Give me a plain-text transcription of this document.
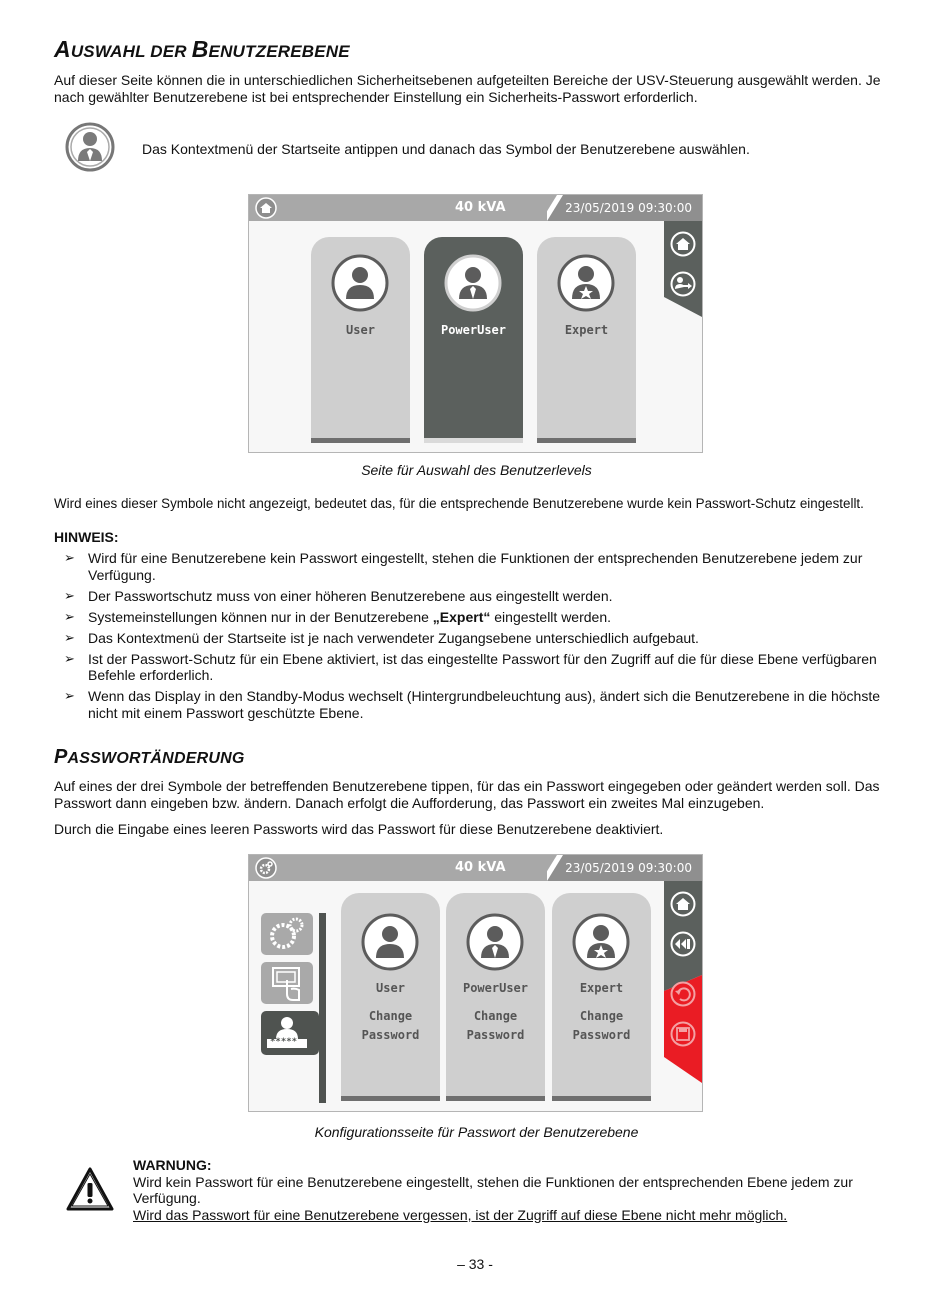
AUSWAHL DER BENUTZEREBENE
Auf dieser Seite können die in unterschiedlichen Sicherheitsebenen aufgeteilten Bereiche der USV-Steuerung ausgewählt werden. Je nach gewählter Benutzerebene ist bei entsprechender Einstellung ein Sicherheits-Passwort erforderlich.
Das Kontextmenü der Startseite antippen und danach das Symbol der Benutzerebene auswählen.
40 kVA	23/05/2019 09:30:00
User	PowerUser	Expert
Seite für Auswahl des Benutzerlevels
Wird eines dieser Symbole nicht angezeigt, bedeutet das, für die entsprechende Benutzerebene wurde kein Passwort-Schutz eingestellt.
HINWEIS:
➢ Wird für eine Benutzerebene kein Passwort eingestellt, stehen die Funktionen der entsprechenden Benutzerebene jedem zur Verfügung.
➢ Der Passwortschutz muss von einer höheren Benutzerebene aus eingestellt werden.
➢ Systemeinstellungen können nur in der Benutzerebene „Expert“ eingestellt werden.
➢ Das Kontextmenü der Startseite ist je nach verwendeter Zugangsebene unterschiedlich aufgebaut.
➢ Ist der Passwort-Schutz für ein Ebene aktiviert, ist das eingestellte Passwort für den Zugriff auf die für diese Ebene verfügbaren Befehle erforderlich.
➢ Wenn das Display in den Standby-Modus wechselt (Hintergrundbeleuchtung aus), ändert sich die Benutzerebene in die höchste nicht mit einem Passwort geschützte Ebene.
PASSWORTÄNDERUNG
Auf eines der drei Symbole der betreffenden Benutzerebene tippen, für das ein Passwort eingegeben oder geändert werden soll. Das Passwort dann eingeben bzw. ändern. Danach erfolgt die Aufforderung, das Passwort ein zweites Mal einzugeben.
Durch die Eingabe eines leeren Passworts wird das Passwort für diese Benutzerebene deaktiviert.
40 kVA	23/05/2019 09:30:00
*****
User
Change
Password
PowerUser
Change
Password
Expert
Change
Password
Konfigurationsseite für Passwort der Benutzerebene
WARNUNG:
Wird kein Passwort für eine Benutzerebene eingestellt, stehen die Funktionen der entsprechenden Ebene jedem zur Verfügung.
Wird das Passwort für eine Benutzerebene vergessen, ist der Zugriff auf diese Ebene nicht mehr möglich.
– 33 -
